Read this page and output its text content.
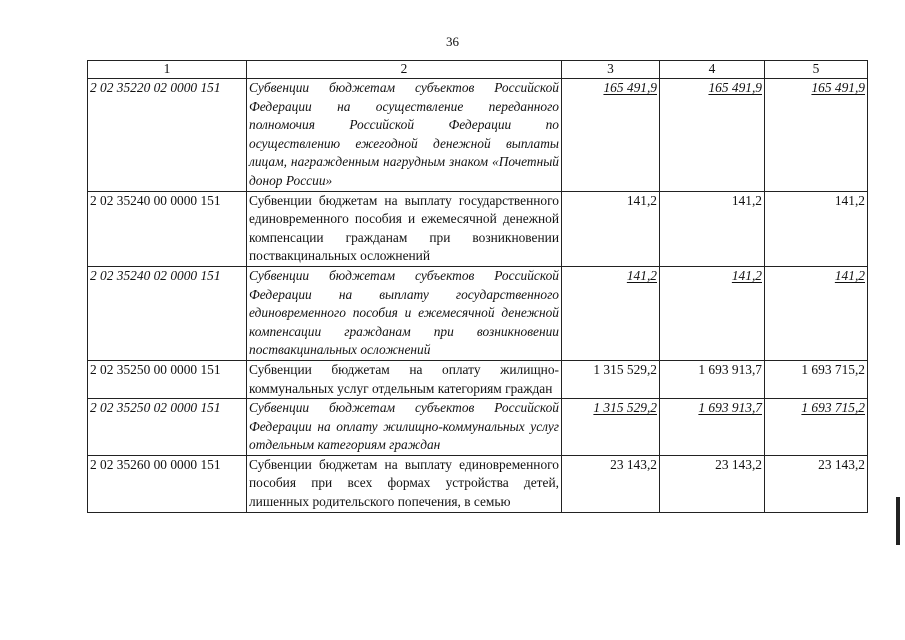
36
1	2	3	4	5
2 02 35220 02 0000 151	Субвенции бюджетам субъектов Российской Федерации на осуществление переданного полномочия Российской Федерации по осуществлению ежегодной денежной выплаты лицам, награжденным нагрудным знаком «Почетный донор России»	165 491,9	165 491,9	165 491,9
2 02 35240 00 0000 151	Субвенции бюджетам на выплату государственного единовременного пособия и ежемесячной денежной компенсации гражданам при возникновении поствакцинальных осложнений	141,2	141,2	141,2
2 02 35240 02 0000 151	Субвенции бюджетам субъектов Российской Федерации на выплату государственного единовременного пособия и ежемесячной денежной компенсации гражданам при возникновении поствакцинальных осложнений	141,2	141,2	141,2
2 02 35250 00 0000 151	Субвенции бюджетам на оплату жилищно-коммунальных услуг отдельным категориям граждан	1 315 529,2	1 693 913,7	1 693 715,2
2 02 35250 02 0000 151	Субвенции бюджетам субъектов Российской Федерации на оплату жилищно-коммунальных услуг отдельным категориям граждан	1 315 529,2	1 693 913,7	1 693 715,2
2 02 35260 00 0000 151	Субвенции бюджетам на выплату единовременного пособия при всех формах устройства детей, лишенных родительского попечения, в семью	23 143,2	23 143,2	23 143,2
